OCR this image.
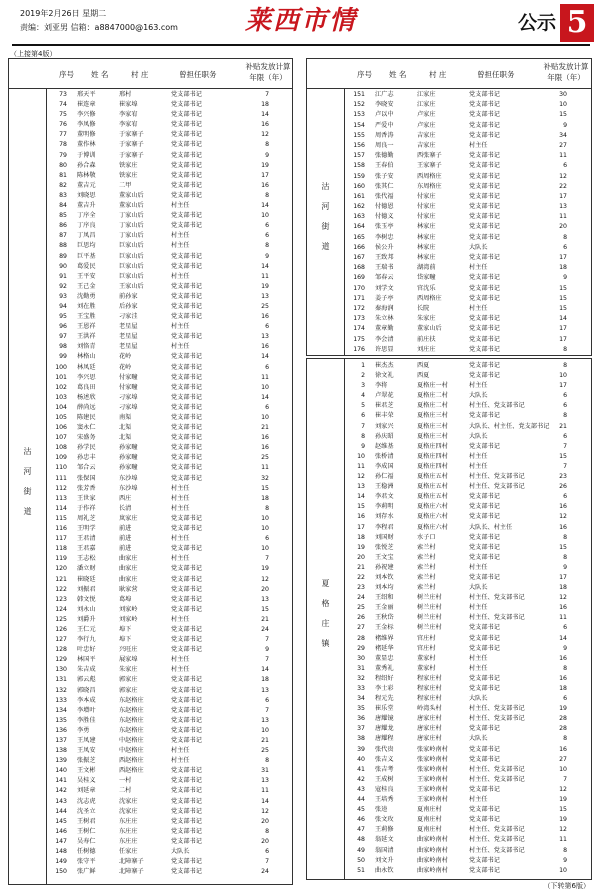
2019年2月26日 星期二
责编：刘亚男 信箱：a8847000@163.com	莱西市情	公示 5
（上接第4版）
序号 姓 名	村 庄	曾担任职务
补贴发放计算年限（年）
沽河街道
73 邢天平	邢村	党支部书记	7
74 崔连章	崔家埠	党支部书记	18
75 李兴修	李家宥	党支部书记	14
76 李凤修	李家宥	党支部书记	16
77 董明修	于家寨子	党支部书记	12
78 董作林	于家寨子	党支部书记	8
79 于博训	于家寨子	党支部书记	9
80 孙合森	铁家庄	党支部书记	19
81 陈林敬	铁家庄	党支部书记	17
82 董吉元	二甲	党支部书记	16
83 刘晓思	董家山后	党支部书记	8
84 董吉升	董家山后	村主任	14
85 丁序全	丁家山后	党支部书记	10
86 丁序良	丁家山后	党支部书记	6
87 丁凤昌	丁家山后	村主任	6
88 巨思均	巨家山后	村主任	8
89 巨平基	巨家山后	党支部书记	9
90 葛爱民	巨家山后	党支部书记	14
91 王平安	巨家山后	村主任	11
92 王己金	王家山后	党支部书记	19
93 沈勤勇	前孙家	党支部书记	13
94 刘在胜	后孙家	党支部书记	25
95 王宝胜	刁家洼	党支部书记	16
96 王恩祥	老星屋	村主任	6
97 王洪祥	老星屋	党支部书记	13
98 刘恪青	老星屋	村主任	16
99 林格山	花岭	党支部书记	14
100 林凤廷	花岭	党支部书记	6
101 李兴思	付家疃	党支部书记	11
102 葛良田	付家疃	党支部书记	10
103 杨述欣	刁家埠	党支部书记	14
104 薛尚远	刁家埠	党支部书记	6
105 陈建民	南渠	党支部书记	10
106 窦永仁	北渠	党支部书记	21
107 宋盛务	北渠	党支部书记	16
108 孙学民	孙家疃	党支部书记	16
109 孙忠丰	孙家疃	党支部书记	25
110 邹合云	孙家疃	党支部书记	11
111 张保国	东沙埠	党支部书记	32
112 张芳香	东沙埠	村主任	15
113 王世家	西庄	村主任	18
114 于作祥	长清	村主任	8
115 周礼芝	岚家庄	党支部书记	10
116 王明学	前进	党支部书记	10
117 王君清	前进	村主任	6
118 王君嘉	前进	党支部书记	10
119 王志松	曲家庄	村主任	7
120 潘立财	曲家庄	党支部书记	19
121 崔晓廷	曲家庄	党支部书记	12
122 刘振君	耿家营	党支部书记	20
123 韩文悦	葛埠	党支部书记	13
124 刘永山	刘家岭	党支部书记	15
125 刘爵升	刘家岭	村主任	21
126 王仁元	埠下	党支部书记	24
127 李行九	埠下	党支部书记	7
128 叶忠好	兴旺庄	党支部书记	9
129 林国平	展家埠	村主任	7
130 朱吉成	朱家庄	村主任	14
131 郭云彪	郭家庄	党支部书记	18
132 郭晓昌	郭家庄	党支部书记	13
133 李本成	东赵格庄	党支部书记	6
134 李增叶	东赵格庄	党支部书记	7
135 李胜佳	东赵格庄	党支部书记	13
136 李勇	东赵格庄	党支部书记	10
137 王凤建	中赵格庄	党支部书记	21
138 王凤安	中赵格庄	村主任	25
139 张振芝	西赵格庄	村主任	8
140 王文彬	西赵格庄	党支部书记	31
141 吴桂义	一村	党支部书记	13
142 刘延章	二村	党支部书记	11
143 沈志虎	沈家庄	党支部书记	14
144 沈圣立	沈家庄	党支部书记	12
145 王树君	东庄庄	党支部书记	20
146 王树仁	东庄庄	党支部书记	8
147 吴寿仁	东庄庄	党支部书记	20
148 任树德	任家庄	大队长	6
149 张守平	北障寨子	党支部书记	7
150 张广鲜	北障寨子	党支部书记	24
序号 姓 名	村 庄	曾担任职务
补贴发放计算年限（年）
沽河街道
151 江广志	江家庄	党支部书记	30
152 李晓安	江家庄	党支部书记	10
153 卢以中	卢家庄	党支部书记	15
154 严爱中	卢家庄	党支部书记	9
155 周香涛	吉家庄	党支部书记	34
156 周良一	吉家庄	村主任	27
157 张德勤	西张寨子	党支部书记	11
158 王春伯	王家寨子	党支部书记	6
159 张子安	西周格庄	党支部书记	12
160 张其仁	东周格庄	党支部书记	22
161 张代福	付家庄	党支部书记	17
162 付德恩	付家庄	党支部书记	13
163 付德义	付家庄	党支部书记	11
164 张玉亭	林家庄	党支部书记	20
165 李树忠	林家庄	党支部书记	8
166 侯公升	林家庄	大队长	6
167 王致邦	林家庄	党支部书记	17
168 王瑞书	湖湾前	村主任	18
169 邹春云	岱家疃	党支部书记	9
170 刘学文	官沈乐	党支部书记	15
171 姜子亭	西周格庄	党支部书记	15
172 秦海润	长院	村主任	15
173 朱立林	朱家庄	党支部书记	14
174 董章勤	董家山后	党支部书记	17
175 李会清	前庄扶	党支部书记	17
176 许思显	刘庄庄	党支部书记	8
夏格庄镇
1 崔杰杰	西夏	党支部书记	8
2 徐文礼	西夏	党支部书记	10
3 李将	夏格庄一村	村主任	17
4 卢翠花	夏格庄二村	大队长	6
5 崔君芝	夏格庄二村	村主任、党支部书记	6
6 崔丰荣	夏格庄三村	党支部书记	8
7 刘家兴	夏格庄三村	大队长、村主任、党支部书记	21
8 孙庆昭	夏格庄三村	大队长	6
9 赵维基	夏格庄四村	党支部书记	7
10 张桥清	夏格庄四村	村主任	15
11 李成国	夏格庄四村	村主任	7
12 孙仁福	夏格庄五村	村主任、党支部书记	23
13 王稳洲	夏格庄五村	村主任、党支部书记	26
14 李君文	夏格庄五村	党支部书记	6
15 李莉明	夏格庄六村	党支部书记	16
16 刘存水	夏格庄六村	党支部书记	12
17 李程君	夏格庄六村	大队长、村主任	16
18 刘国财	水子口	党支部书记	8
19 张悦芝	索兰村	党支部书记	15
20 王文宝	索兰村	党支部书记	8
21 孙祝建	索兰村	村主任	9
22 刘本钦	索兰村	党支部书记	17
23 刘本均	索兰村	大队长	18
24 王绍和	树兰庄村	村主任、党支部书记	12
25 王金丽	树兰庄村	村主任	16
26 王秋岱	树兰庄村	村主任、党支部书记	11
27 王金标	树兰庄村	党支部书记	6
28 褚维界	官庄村	党支部书记	14
29 褚延华	官庄村	党支部书记	9
30 董显忠	董家村	村主任	16
31 董秀礼	董家村	村主任	8
32 程绍好	程家庄村	党支部书记	16
33 李士彩	程家庄村	党支部书记	18
34 程元先	程家庄村	大队长	6
35 崔乐堂	岭湾头村	村主任、党支部书记	19
36 唐耀镜	唐家庄村	村主任、党支部书记	28
37 唐耀龙	唐家庄村	党支部书记	28
38 唐耀程	唐家庄村	大队长	8
39 张代贵	张家岭南村	党支部书记	16
40 张吉义	张家岭南村	党支部书记	27
41 张吉考	张家岭南村	村主任、党支部书记	10
42 王成树	王家岭南村	村主任、党支部书记	7
43 寇桂良	王家岭南村	党支部书记	12
44 王培秀	王家岭南村	村主任	19
45 张逵	夏南庄村	党支部书记	15
46 张文玫	夏南庄村	党支部书记	19
47 王莉修	夏南庄村	村主任、党支部书记	12
48 翁延文	曲家岭南村	村主任、党支部书记	11
49 翁国清	曲家岭南村	村主任、党支部书记	8
50 刘文升	曲家岭南村	党支部书记	9
51 曲永钦	曲家岭南村	党支部书记	10
（下转第6版）
